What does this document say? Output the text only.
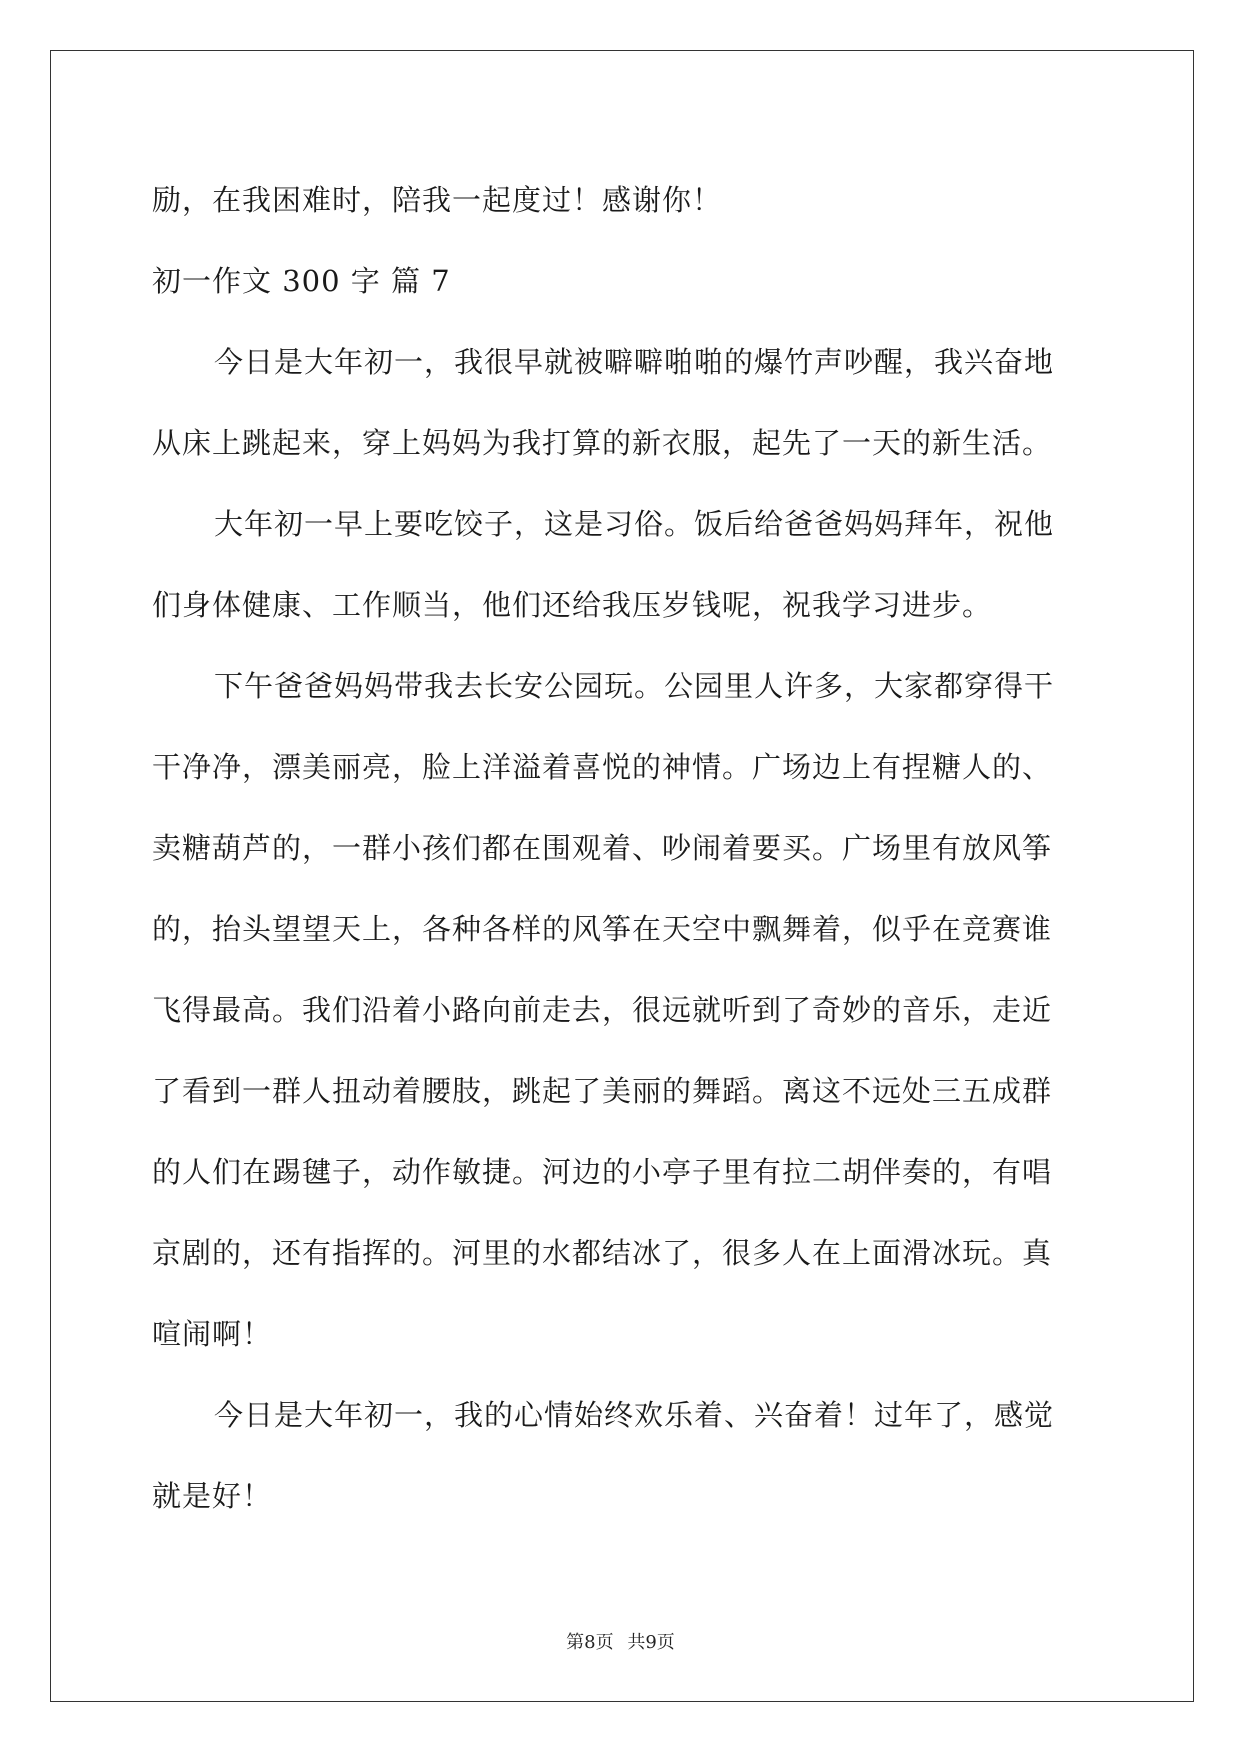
励，在我困难时，陪我一起度过！感谢你！

初一作文 300 字 篇 7

今日是大年初一，我很早就被噼噼啪啪的爆竹声吵醒，我兴奋地

从床上跳起来，穿上妈妈为我打算的新衣服，起先了一天的新生活。

大年初一早上要吃饺子，这是习俗。饭后给爸爸妈妈拜年，祝他

们身体健康、工作顺当，他们还给我压岁钱呢，祝我学习进步。

下午爸爸妈妈带我去长安公园玩。公园里人许多，大家都穿得干

干净净，漂美丽亮，脸上洋溢着喜悦的神情。广场边上有捏糖人的、

卖糖葫芦的，一群小孩们都在围观着、吵闹着要买。广场里有放风筝

的，抬头望望天上，各种各样的风筝在天空中飘舞着，似乎在竞赛谁

飞得最高。我们沿着小路向前走去，很远就听到了奇妙的音乐，走近

了看到一群人扭动着腰肢，跳起了美丽的舞蹈。离这不远处三五成群

的人们在踢毽子，动作敏捷。河边的小亭子里有拉二胡伴奏的，有唱

京剧的，还有指挥的。河里的水都结冰了，很多人在上面滑冰玩。真

喧闹啊！

今日是大年初一，我的心情始终欢乐着、兴奋着！过年了，感觉

就是好！

第8页 共9页
